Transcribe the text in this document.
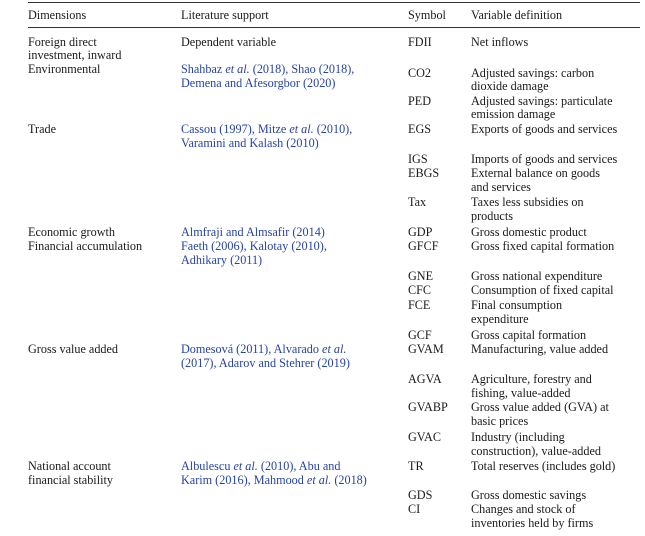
Dimensions	Literature support	Symbol Variable definition
Foreign direct
investment, inward
Environmental
Trade
Economic growth
Financial accumulation
Gross value added
National account
financial stability
Dependent variable
Shahbaz et al. (2018), Shao (2018),
Demena and Afesorgbor (2020)
Cassou (1997), Mitze et al. (2010),
Varamini and Kalash (2010)
Almfraji and Almsafir (2014)
Faeth (2006), Kalotay (2010),
Adhikary (2011)
Domesová (2011), Alvarado et al.
(2017), Adarov and Stehrer (2019)
Albulescu et al. (2010), Abu and
Karim (2016), Mahmood et al. (2018)
FDII
CO2
PED
EGS
IGS
EBGS
Tax
GDP
GFCF
GNE
CFC
FCE
GCF
GVAM
AGVA
GVABP
GVAC
TR
GDS
CI
Net inflows
Adjusted savings: carbon
dioxide damage
Adjusted savings: particulate
emission damage
Exports of goods and services
Imports of goods and services
External balance on goods
and services
Taxes less subsidies on
products
Gross domestic product
Gross fixed capital formation
Gross national expenditure
Consumption of fixed capital
Final consumption
expenditure
Gross capital formation
Manufacturing, value added
Agriculture, forestry and
fishing, value-added
Gross value added (GVA) at
basic prices
Industry (including
construction), value-added
Total reserves (includes gold)
Gross domestic savings
Changes and stock of
inventories held by firms
